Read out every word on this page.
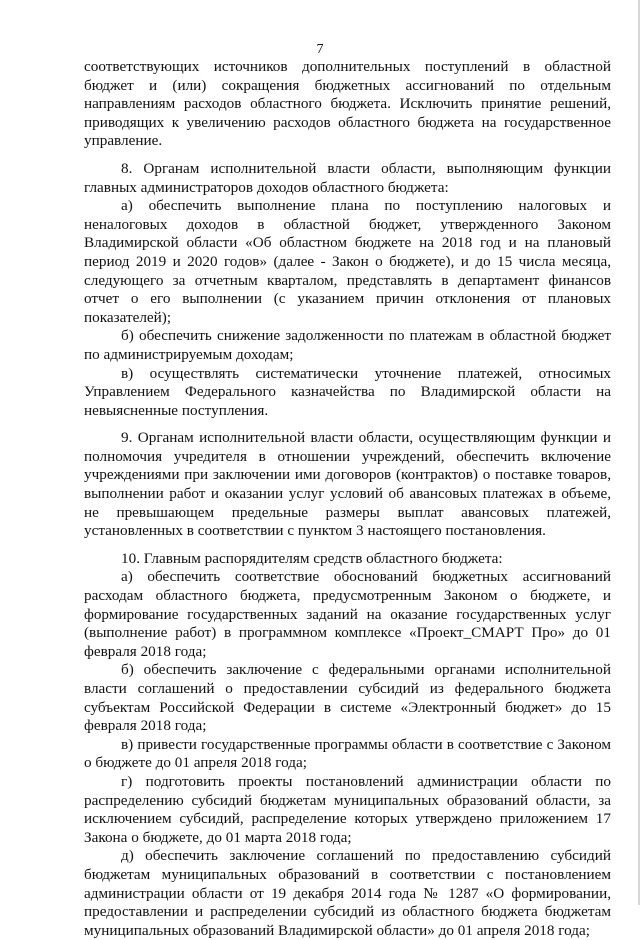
7

соответствующих источников дополнительных поступлений в областной бюджет и (или) сокращения бюджетных ассигнований по отдельным направлениям расходов областного бюджета. Исключить принятие решений, приводящих к увеличению расходов областного бюджета на государственное управление.

8. Органам исполнительной власти области, выполняющим функции главных администраторов доходов областного бюджета:

а) обеспечить выполнение плана по поступлению налоговых и неналоговых доходов в областной бюджет, утвержденного Законом Владимирской области «Об областном бюджете на 2018 год и на плановый период 2019 и 2020 годов» (далее - Закон о бюджете), и до 15 числа месяца, следующего за отчетным кварталом, представлять в департамент финансов отчет о его выполнении (с указанием причин отклонения от плановых показателей);

б) обеспечить снижение задолженности по платежам в областной бюджет по администрируемым доходам;

в) осуществлять систематически уточнение платежей, относимых Управлением Федерального казначейства по Владимирской области на невыясненные поступления.

9. Органам исполнительной власти области, осуществляющим функции и полномочия учредителя в отношении учреждений, обеспечить включение учреждениями при заключении ими договоров (контрактов) о поставке товаров, выполнении работ и оказании услуг условий об авансовых платежах в объеме, не превышающем предельные размеры выплат авансовых платежей, установленных в соответствии с пунктом 3 настоящего постановления.

10. Главным распорядителям средств областного бюджета:

а) обеспечить соответствие обоснований бюджетных ассигнований расходам областного бюджета, предусмотренным Законом о бюджете, и формирование государственных заданий на оказание государственных услуг (выполнение работ) в программном комплексе «Проект_СМАРТ Про» до 01 февраля 2018 года;

б) обеспечить заключение с федеральными органами исполнительной власти соглашений о предоставлении субсидий из федерального бюджета субъектам Российской Федерации в системе «Электронный бюджет» до 15 февраля 2018 года;

в) привести государственные программы области в соответствие с Законом о бюджете до 01 апреля 2018 года;

г) подготовить проекты постановлений администрации области по распределению субсидий бюджетам муниципальных образований области, за исключением субсидий, распределение которых утверждено приложением 17 Закона о бюджете, до 01 марта 2018 года;

д) обеспечить заключение соглашений по предоставлению субсидий бюджетам муниципальных образований в соответствии с постановлением администрации области от 19 декабря 2014 года № 1287 «О формировании, предоставлении и распределении субсидий из областного бюджета бюджетам муниципальных образований Владимирской области» до 01 апреля 2018 года;
